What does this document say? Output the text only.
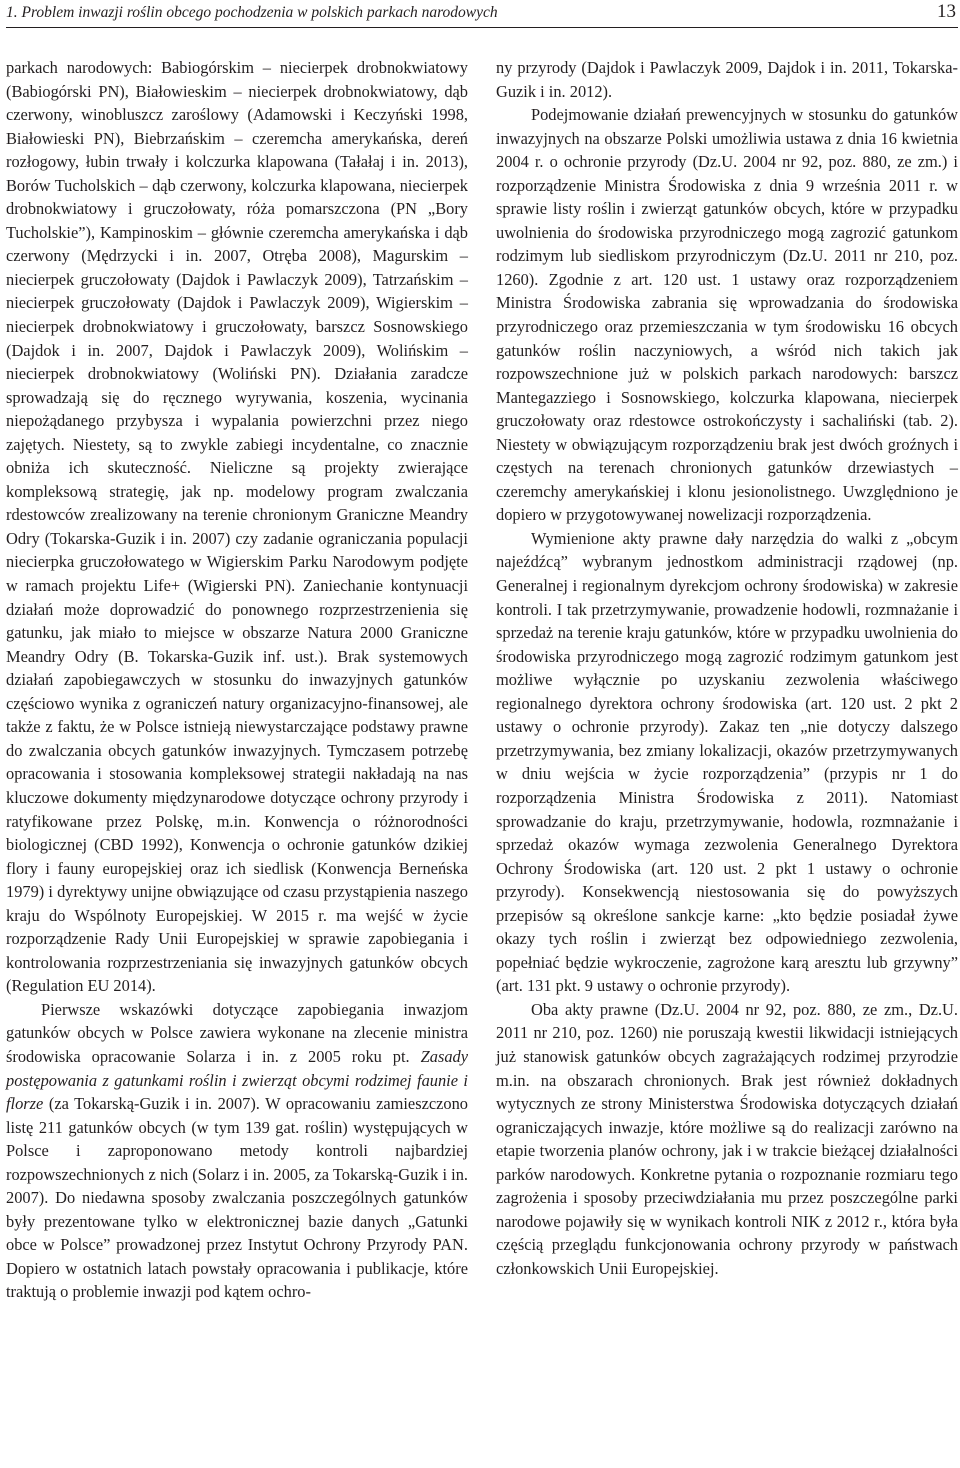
1. Problem inwazji roślin obcego pochodzenia w polskich parkach narodowych	13

parkach narodowych: Babiogórskim – niecierpek drobnokwiatowy (Babiogórski PN), Białowieskim – niecierpek drobnokwiatowy, dąb czerwony, winobluszcz zaroślowy (Adamowski i Keczyński 1998, Białowieski PN), Biebrzańskim – czeremcha amerykańska, dereń rozłogowy, łubin trwały i kolczurka klapowana (Tałałaj i in. 2013), Borów Tucholskich – dąb czerwony, kolczurka klapowana, niecierpek drobnokwiatowy i gruczołowaty, róża pomarszczona (PN „Bory Tucholskie”), Kampinoskim – głównie czeremcha amerykańska i dąb czerwony (Mędrzycki i in. 2007, Otręba 2008), Magurskim – niecierpek gruczołowaty (Dajdok i Pawlaczyk 2009), Tatrzańskim – niecierpek gruczołowaty (Dajdok i Pawlaczyk 2009), Wigierskim – niecierpek drobnokwiatowy i gruczołowaty, barszcz Sosnowskiego (Dajdok i in. 2007, Dajdok i Pawlaczyk 2009), Wolińskim – niecierpek drobnokwiatowy (Woliński PN). Działania zaradcze sprowadzają się do ręcznego wyrywania, koszenia, wycinania niepożądanego przybysza i wypalania powierzchni przez niego zajętych. Niestety, są to zwykle zabiegi incydentalne, co znacznie obniża ich skuteczność. Nieliczne są projekty zwierające kompleksową strategię, jak np. modelowy program zwalczania rdestowców zrealizowany na terenie chronionym Graniczne Meandry Odry (Tokarska-Guzik i in. 2007) czy zadanie ograniczania populacji niecierpka gruczołowatego w Wigierskim Parku Narodowym podjęte w ramach projektu Life+ (Wigierski PN). Zaniechanie kontynuacji działań może doprowadzić do ponownego rozprzestrzenienia się gatunku, jak miało to miejsce w obszarze Natura 2000 Graniczne Meandry Odry (B. Tokarska-Guzik inf. ust.). Brak systemowych działań zapobiegawczych w stosunku do inwazyjnych gatunków częściowo wynika z ograniczeń natury organizacyjno-finansowej, ale także z faktu, że w Polsce istnieją niewystarczające podstawy prawne do zwalczania obcych gatunków inwazyjnych. Tymczasem potrzebę opracowania i stosowania kompleksowej strategii nakładają na nas kluczowe dokumenty międzynarodowe dotyczące ochrony przyrody i ratyfikowane przez Polskę, m.in. Konwencja o różnorodności biologicznej (CBD 1992), Konwencja o ochronie gatunków dzikiej flory i fauny europejskiej oraz ich siedlisk (Konwencja Berneńska 1979) i dyrektywy unijne obwiązujące od czasu przystąpienia naszego kraju do Wspólnoty Europejskiej. W 2015 r. ma wejść w życie rozporządzenie Rady Unii Europejskiej w sprawie zapobiegania i kontrolowania rozprzestrzeniania się inwazyjnych gatunków obcych (Regulation EU 2014).

Pierwsze wskazówki dotyczące zapobiegania inwazjom gatunków obcych w Polsce zawiera wykonane na zlecenie ministra środowiska opracowanie Solarza i in. z 2005 roku pt. Zasady postępowania z gatunkami roślin i zwierząt obcymi rodzimej faunie i florze (za Tokarską-Guzik i in. 2007). W opracowaniu zamieszczono listę 211 gatunków obcych (w tym 139 gat. roślin) występujących w Polsce i zaproponowano metody kontroli najbardziej rozpowszechnionych z nich (Solarz i in. 2005, za Tokarską-Guzik i in. 2007). Do niedawna sposoby zwalczania poszczególnych gatunków były prezentowane tylko w elektronicznej bazie danych „Gatunki obce w Polsce” prowadzonej przez Instytut Ochrony Przyrody PAN. Dopiero w ostatnich latach powstały opracowania i publikacje, które traktują o problemie inwazji pod kątem ochro-

ny przyrody (Dajdok i Pawlaczyk 2009, Dajdok i in. 2011, Tokarska-Guzik i in. 2012).

Podejmowanie działań prewencyjnych w stosunku do gatunków inwazyjnych na obszarze Polski umożliwia ustawa z dnia 16 kwietnia 2004 r. o ochronie przyrody (Dz.U. 2004 nr 92, poz. 880, ze zm.) i rozporządzenie Ministra Środowiska z dnia 9 września 2011 r. w sprawie listy roślin i zwierząt gatunków obcych, które w przypadku uwolnienia do środowiska przyrodniczego mogą zagrozić gatunkom rodzimym lub siedliskom przyrodniczym (Dz.U. 2011 nr 210, poz. 1260). Zgodnie z art. 120 ust. 1 ustawy oraz rozporządzeniem Ministra Środowiska zabrania się wprowadzania do środowiska przyrodniczego oraz przemieszczania w tym środowisku 16 obcych gatunków roślin naczyniowych, a wśród nich takich jak rozpowszechnione już w polskich parkach narodowych: barszcz Mantegazziego i Sosnowskiego, kolczurka klapowana, niecierpek gruczołowaty oraz rdestowce ostrokończysty i sachaliński (tab. 2). Niestety w obwiązującym rozporządzeniu brak jest dwóch groźnych i częstych na terenach chronionych gatunków drzewiastych – czeremchy amerykańskiej i klonu jesionolistnego. Uwzględniono je dopiero w przygotowywanej nowelizacji rozporządzenia.

Wymienione akty prawne dały narzędzia do walki z „obcym najeźdźcą” wybranym jednostkom administracji rządowej (np. Generalnej i regionalnym dyrekcjom ochrony środowiska) w zakresie kontroli. I tak przetrzymywanie, prowadzenie hodowli, rozmnażanie i sprzedaż na terenie kraju gatunków, które w przypadku uwolnienia do środowiska przyrodniczego mogą zagrozić rodzimym gatunkom jest możliwe wyłącznie po uzyskaniu zezwolenia właściwego regionalnego dyrektora ochrony środowiska (art. 120 ust. 2 pkt 2 ustawy o ochronie przyrody). Zakaz ten „nie dotyczy dalszego przetrzymywania, bez zmiany lokalizacji, okazów przetrzymywanych w dniu wejścia w życie rozporządzenia” (przypis nr 1 do rozporządzenia Ministra Środowiska z 2011). Natomiast sprowadzanie do kraju, przetrzymywanie, hodowla, rozmnażanie i sprzedaż okazów wymaga zezwolenia Generalnego Dyrektora Ochrony Środowiska (art. 120 ust. 2 pkt 1 ustawy o ochronie przyrody). Konsekwencją niestosowania się do powyższych przepisów są określone sankcje karne: „kto będzie posiadał żywe okazy tych roślin i zwierząt bez odpowiedniego zezwolenia, popełniać będzie wykroczenie, zagrożone karą aresztu lub grzywny” (art. 131 pkt. 9 ustawy o ochronie przyrody).

Oba akty prawne (Dz.U. 2004 nr 92, poz. 880, ze zm., Dz.U. 2011 nr 210, poz. 1260) nie poruszają kwestii likwidacji istniejących już stanowisk gatunków obcych zagrażających rodzimej przyrodzie m.in. na obszarach chronionych. Brak jest również dokładnych wytycznych ze strony Ministerstwa Środowiska dotyczących działań ograniczających inwazje, które możliwe są do realizacji zarówno na etapie tworzenia planów ochrony, jak i w trakcie bieżącej działalności parków narodowych. Konkretne pytania o rozpoznanie rozmiaru tego zagrożenia i sposoby przeciwdziałania mu przez poszczególne parki narodowe pojawiły się w wynikach kontroli NIK z 2012 r., która była częścią przeglądu funkcjonowania ochrony przyrody w państwach członkowskich Unii Europejskiej.
